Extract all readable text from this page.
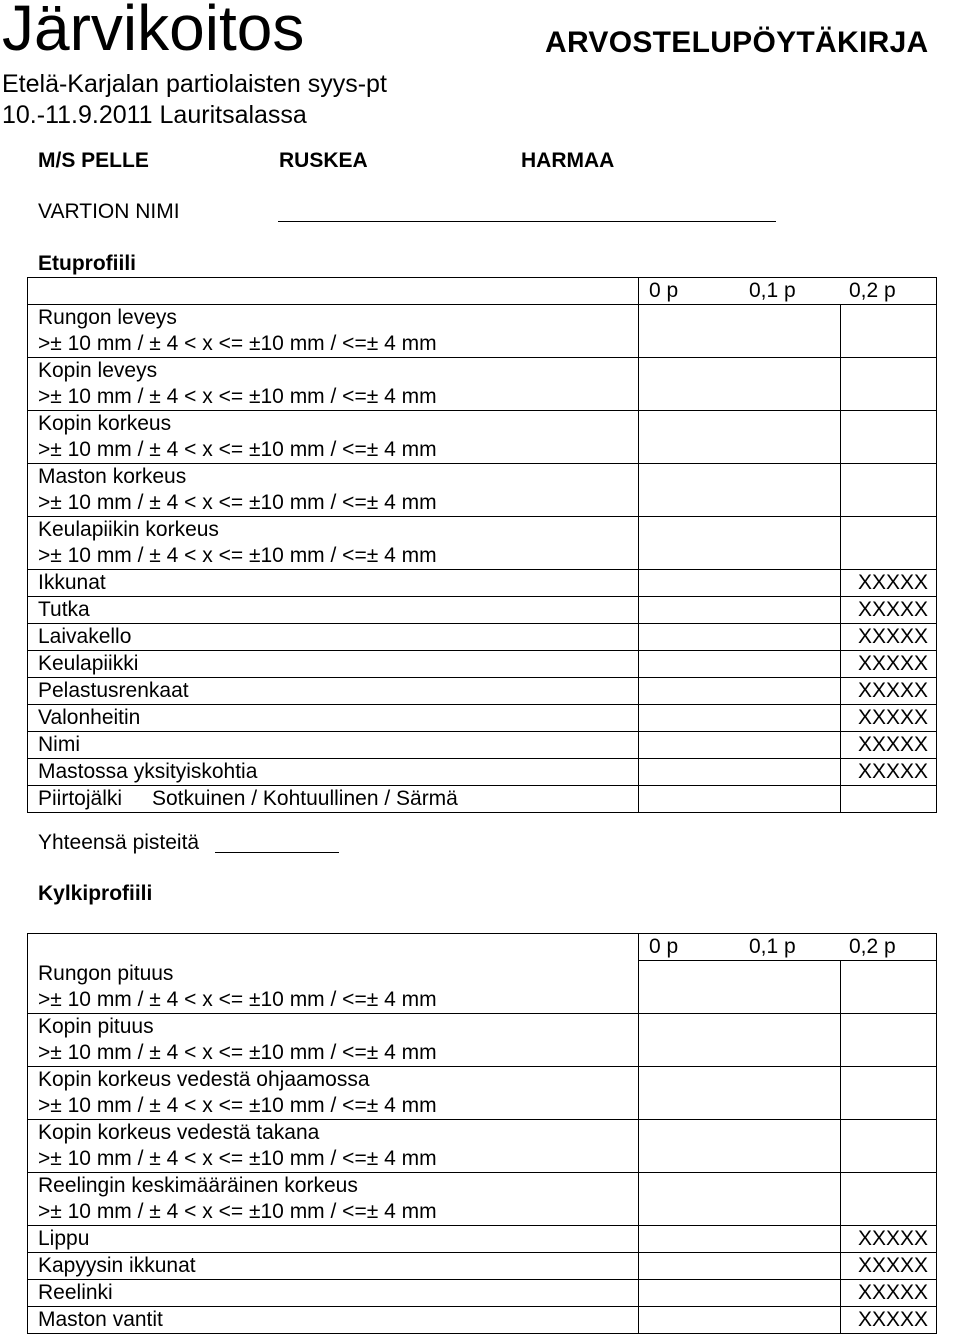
Järvikoitos
Etelä-Karjalan partiolaisten syys-pt
10.-11.9.2011 Lauritsalassa
ARVOSTELUPÖYTÄKIRJA
M/S PELLE	RUSKEA	HARMAA
VARTION NIMI
Etuprofiili
	0 p 0,1 p 0,2 p	

Rungon leveys
>± 10 mm / ± 4 < x <= ±10 mm / <=± 4 mm		

Kopin leveys
>± 10 mm / ± 4 < x <= ±10 mm / <=± 4 mm		

Kopin korkeus
>± 10 mm / ± 4 < x <= ±10 mm / <=± 4 mm		

Maston korkeus
>± 10 mm / ± 4 < x <= ±10 mm / <=± 4 mm		

Keulapiikin korkeus
>± 10 mm / ± 4 < x <= ±10 mm / <=± 4 mm		

Ikkunat		XXXXX
Tutka		XXXXX
Laivakello		XXXXX
Keulapiikki		XXXXX
Pelastusrenkaat		XXXXX
Valonheitin		XXXXX
Nimi		XXXXX
Mastossa yksityiskohtia		XXXXX
Piirtojälki Sotkuinen / Kohtuullinen / Särmä		
Yhteensä pisteitä
Kylkiprofiili
	0 p 0,1 p 0,2 p	

Rungon pituus
>± 10 mm / ± 4 < x <= ±10 mm / <=± 4 mm		

Kopin pituus
>± 10 mm / ± 4 < x <= ±10 mm / <=± 4 mm		

Kopin korkeus vedestä ohjaamossa
>± 10 mm / ± 4 < x <= ±10 mm / <=± 4 mm		

Kopin korkeus vedestä takana
>± 10 mm / ± 4 < x <= ±10 mm / <=± 4 mm		

Reelingin keskimääräinen korkeus
>± 10 mm / ± 4 < x <= ±10 mm / <=± 4 mm		

Lippu		XXXXX
Kapyysin ikkunat		XXXXX
Reelinki		XXXXX
Maston vantit		XXXXX
